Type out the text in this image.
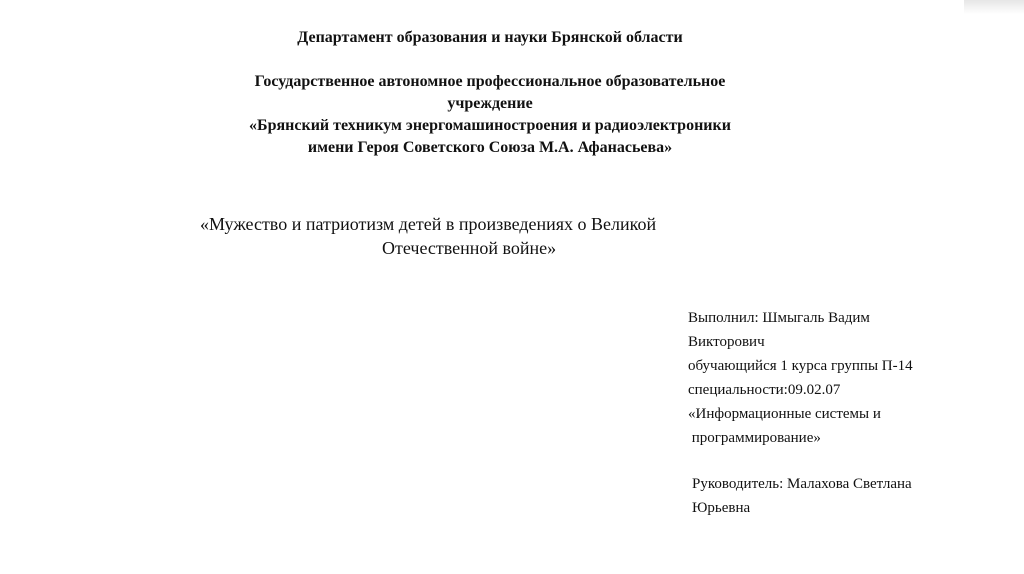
Департамент образования и науки Брянской области
Государственное автономное профессиональное образовательное
учреждение
«Брянский техникум энергомашиностроения и радиоэлектроники
имени Героя Советского Союза М.А. Афанасьева»
«Мужество и патриотизм детей в произведениях о Великой
Отечественной войне»
Выполнил: Шмыгаль Вадим
Викторович
обучающийся 1 курса группы П-14
специальности:09.02.07
«Информационные системы и
программирование»
Руководитель: Малахова Светлана
Юрьевна
